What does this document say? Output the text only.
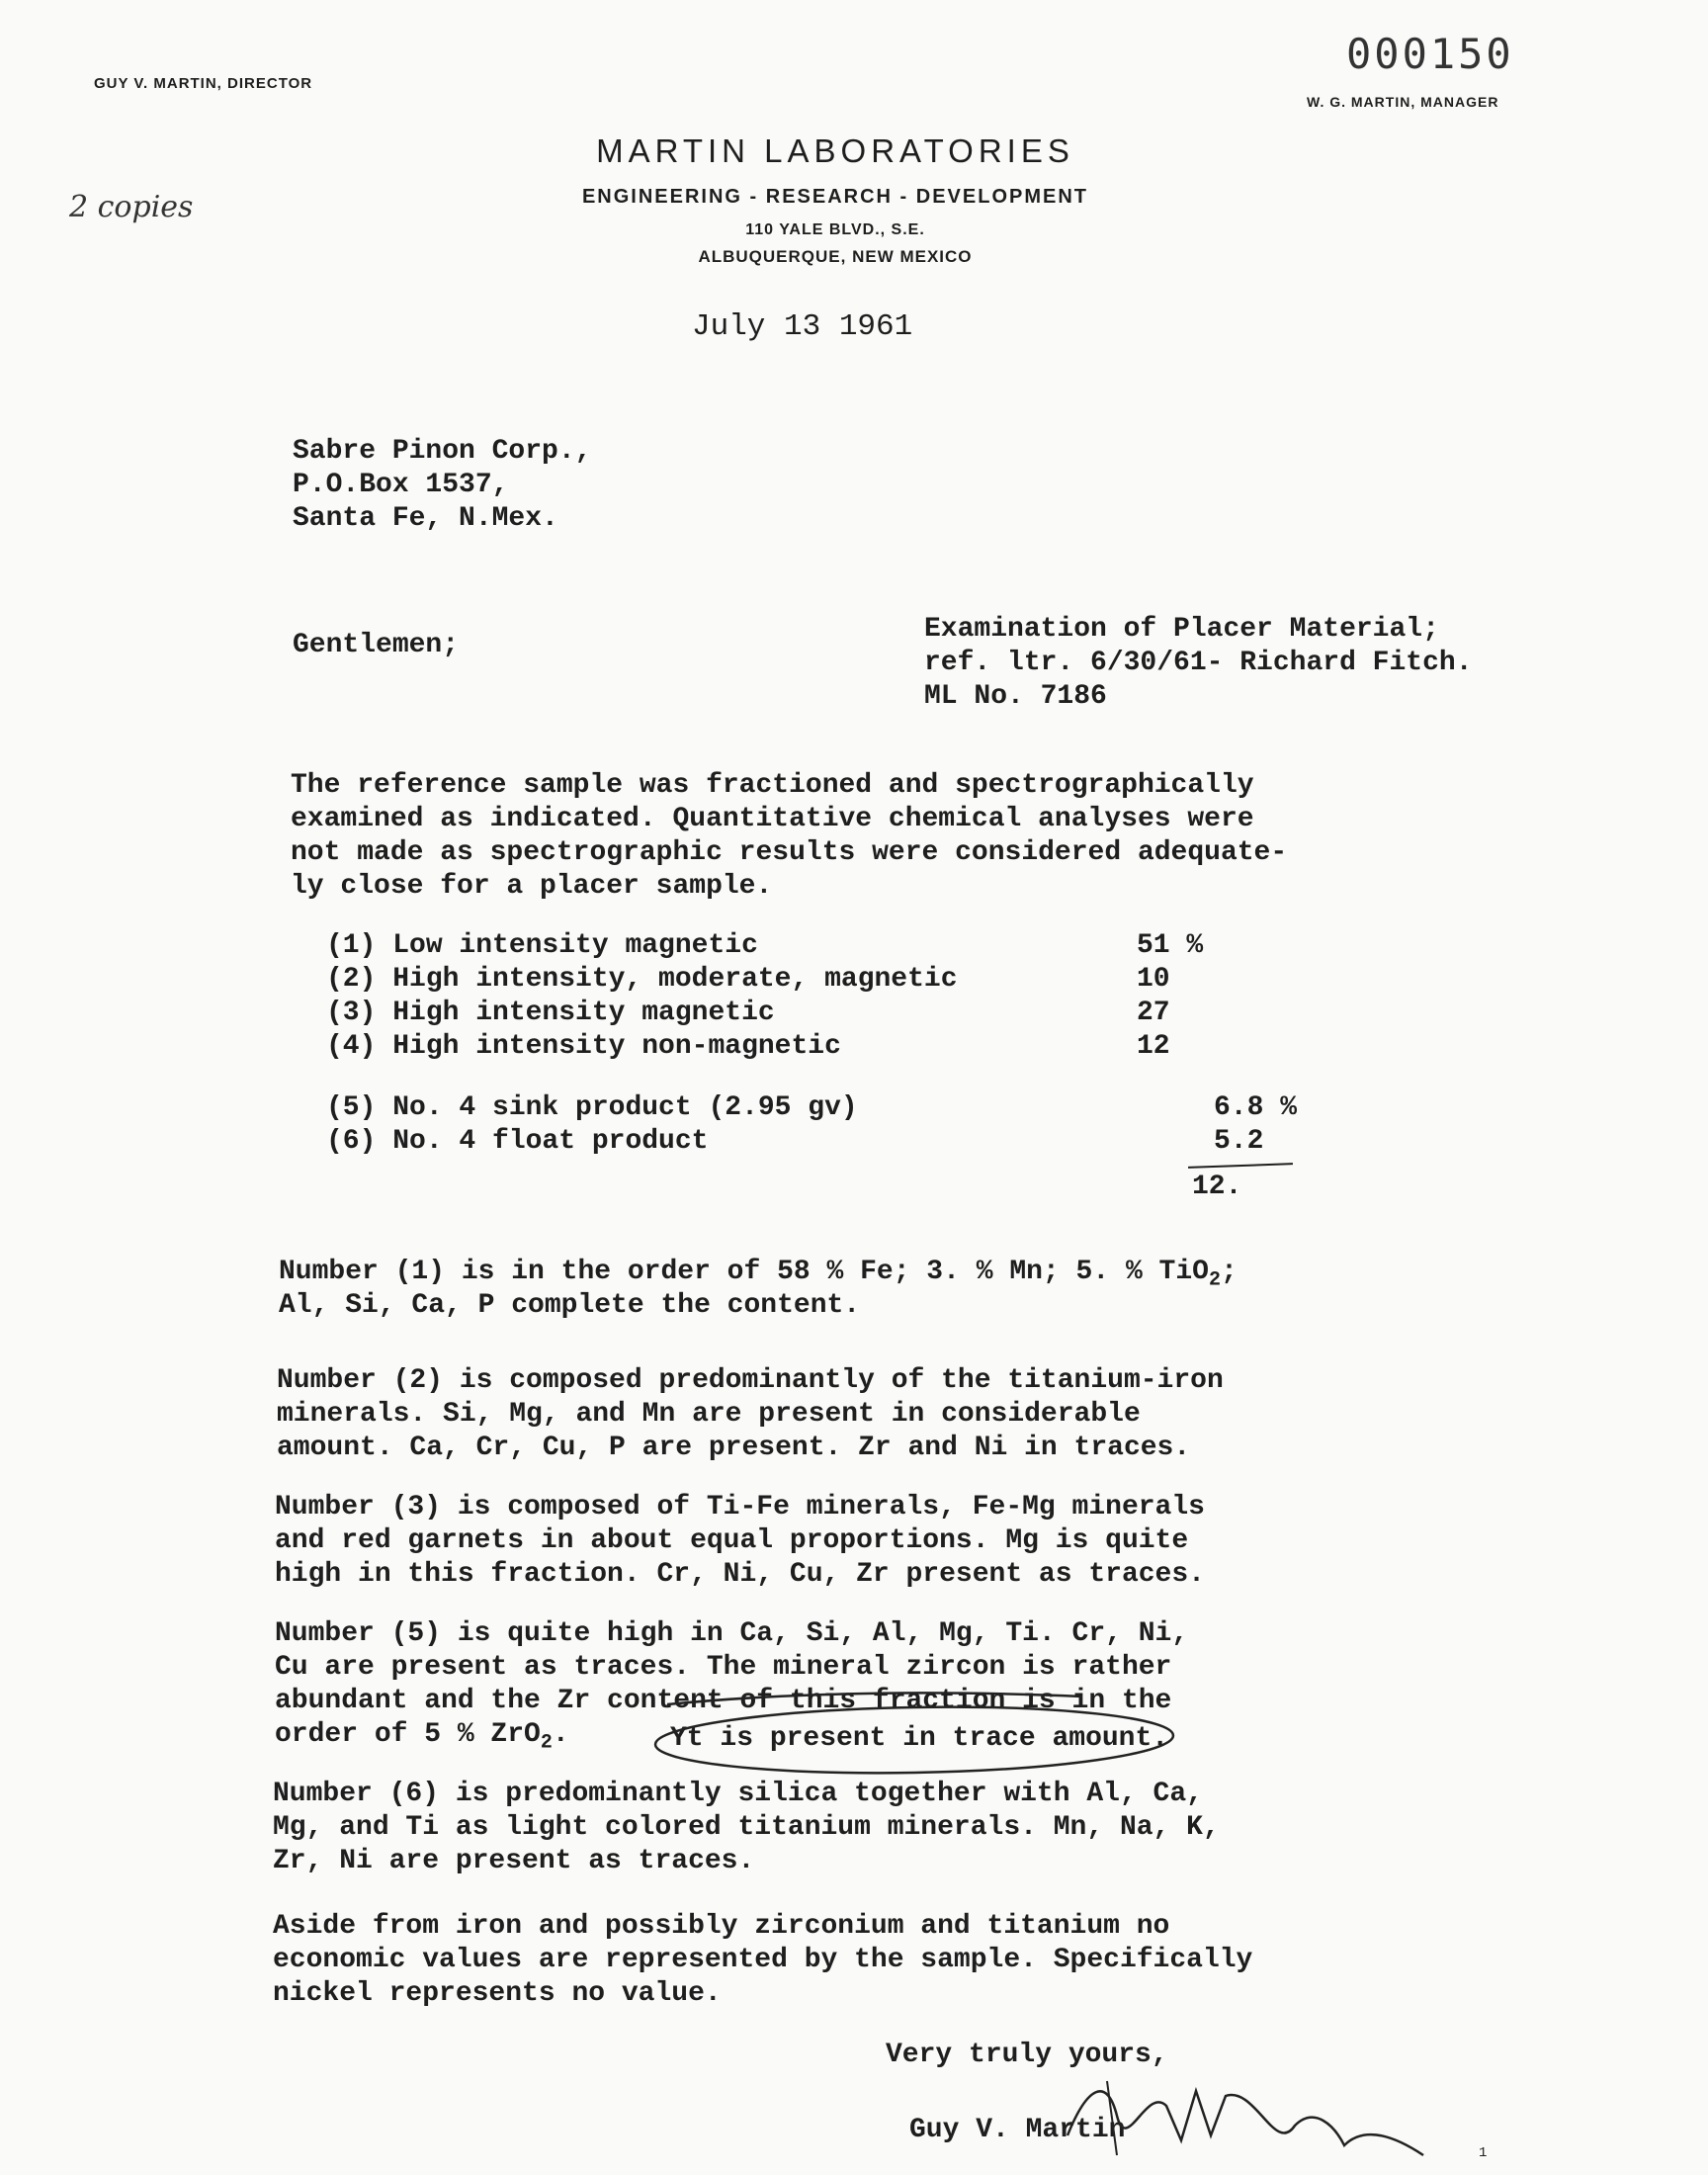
GUY V. MARTIN, DIRECTOR
000150
W. G. MARTIN, MANAGER
MARTIN LABORATORIES
ENGINEERING - RESEARCH - DEVELOPMENT
110 YALE BLVD., S.E.
ALBUQUERQUE, NEW MEXICO
2 copies
July 13 1961
Sabre Pinon Corp.,
P.O.Box 1537,
Santa Fe, N.Mex.
Gentlemen;
Examination of Placer Material;
ref. ltr. 6/30/61- Richard Fitch.
ML No. 7186

The reference sample was fractioned and spectrographically
examined as indicated. Quantitative chemical analyses were
not made as spectrographic results were considered adequate-
ly close for a placer sample.

(1) Low intensity magnetic	51 %
(2) High intensity, moderate, magnetic	10
(3) High intensity magnetic	27
(4) High intensity non-magnetic	12
(5) No. 4 sink product (2.95 gv)	6.8 %
(6) No. 4 float product	5.2
12.
Number (1) is in the order of 58 % Fe; 3. % Mn; 5. % TiO$_2$;
Al, Si, Ca, P complete the content.

Number (2) is composed predominantly of the titanium-iron
minerals. Si, Mg, and Mn are present in considerable
amount. Ca, Cr, Cu, P are present. Zr and Ni in traces.

Number (3) is composed of Ti-Fe minerals, Fe-Mg minerals
and red garnets in about equal proportions. Mg is quite
high in this fraction. Cr, Ni, Cu, Zr present as traces.

Number (5) is quite high in Ca, Si, Al, Mg, Ti. Cr, Ni,
Cu are present as traces. The mineral zircon is rather
abundant and the Zr content of this fraction is in the
order of 5 % ZrO$_2$.	Yt is present in trace amount.

Number (6) is predominantly silica together with Al, Ca,
Mg, and Ti as light colored titanium minerals. Mn, Na, K,
Zr, Ni are present as traces.

Aside from iron and possibly zirconium and titanium no
economic values are represented by the sample. Specifically
nickel represents no value.

Very truly yours,
Guy V. Martin
1
